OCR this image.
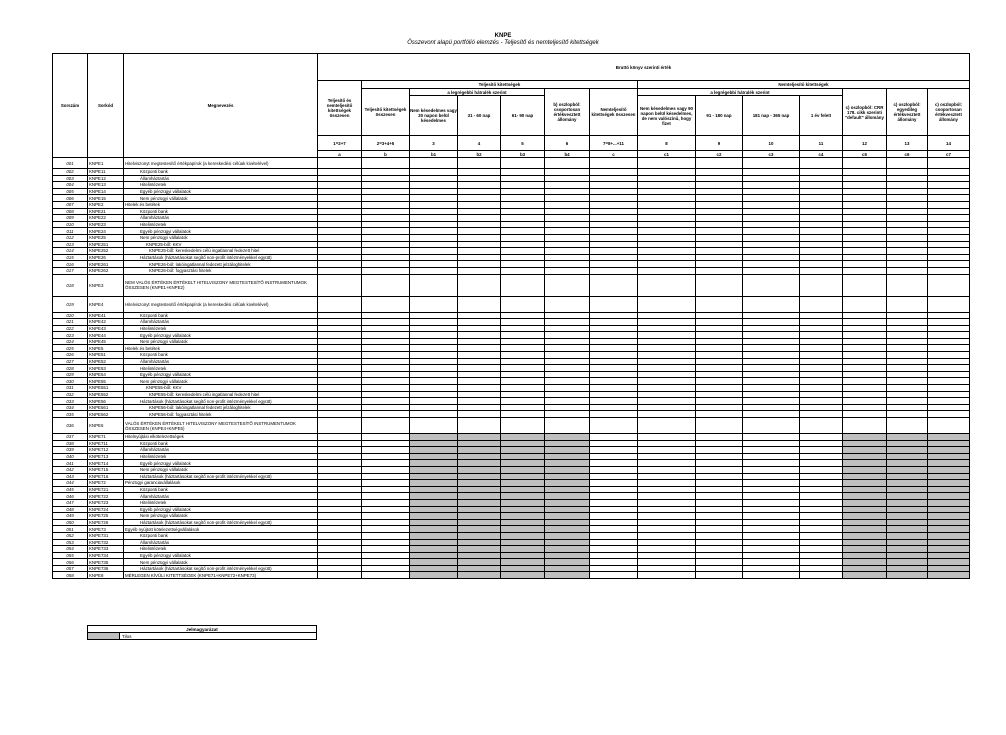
KNPE
Összevont alapú portfólió elemzés - Teljesítő és nemteljesítő kitettségek
Sorszám	Sorkód	Megnevezés	Bruttó könyv szerinti érték													
			Teljesítő és nemteljesítő kitettségek összesen	Teljesítő kitettségek						Nemteljesítő kitettségek						
				Teljesítő kitettségek összesen	a legrégebbi hátralék szerint			b) oszlopból: csoportosan értékvesztett állomány	Nemteljesítő kitettségek összesen	a legrégebbi hátralék szerint				c) oszlopból: CRR 178. cikk szerinti "default" állomány	c) oszlopból: egyedileg értékvesztett állomány	c) oszlopból: csoportosan értékvesztett állomány
					Nem késedelmes vagy 30 napon belül késedelmes	31 - 60 nap	61- 90 nap			Nem késedelmes vagy 90 napon belül késedelmes, de nem valószínű, hogy fizet	91 - 180 nap	181 nap - 365 nap	1 év felett			
			1=2+7	2=3+4+5	3	4	5	6	7=8+...+11	8	9	10	11	12	13	14
			a	b	b1	b2	b3	b4	c	c1	c2	c3	c4	c5	c6	c7
001	KNPE1	Hitelviszonyt megtestesítő értékpapírok (a kereskedési célúak kivételével)														
002	KNPE11	Központi bank														
003	KNPE12	Államháztartás														
004	KNPE13	Hitelintézetek														
005	KNPE14	Egyéb pénzügyi vállalatok														
006	KNPE15	Nem pénzügyi vállalatok														
007	KNPE2	Hitelek és betétek														
008	KNPE21	Központi bank														
009	KNPE22	Államháztartás														
010	KNPE23	Hitelintézetek														
011	KNPE24	Egyéb pénzügyi vállalatok														
012	KNPE25	Nem pénzügyi vállalatok														
013	KNPE251	KNPE25-ből: KKV														
014	KNPE252	KNPE25-ből: kereskedelmi célú ingatlannal fedezett hitel														
015	KNPE26	Háztartások (háztartásokat segítő non-profit intézményekkel együtt)														
016	KNPE261	KNPE26-ból: lakóingatlannal fedezett jelzáloghitelek														
017	KNPE262	KNPE26-ból: fogyasztási hitelek														
018	KNPE3	NEM VALÓS ÉRTÉKEN ÉRTÉKELT HITELVISZONY MEGTESTESÍTŐ INSTRUMENTUMOK ÖSSZESEN (KNPE1+KNPE2)														
019	KNPE4	Hitelviszonyt megtestesítő értékpapírok (a kereskedési célúak kivételével)														
020	KNPE41	Központi bank														
021	KNPE42	Államháztartás														
022	KNPE43	Hitelintézetek														
023	KNPE44	Egyéb pénzügyi vállalatok														
024	KNPE45	Nem pénzügyi vállalatok														
025	KNPE5	Hitelek és betétek														
026	KNPE51	Központi bank														
027	KNPE52	Államháztartás														
028	KNPE53	Hitelintézetek														
029	KNPE54	Egyéb pénzügyi vállalatok														
030	KNPE55	Nem pénzügyi vállalatok														
031	KNPE551	KNPE55-ből: KKV														
032	KNPE552	KNPE55-ből: kereskedelmi célú ingatlannal fedezett hitel														
033	KNPE56	Háztartások (háztartásokat segítő non-profit intézményekkel együtt)														
034	KNPE561	KNPE56-ból: lakóingatlannal fedezett jelzáloghitelek														
035	KNPE562	KNPE56-ból: fogyasztási hitelek														
036	KNPE6	VALÓS ÉRTÉKEN ÉRTÉKELT HITELVISZONY MEGTESTESÍTŐ INSTRUMENTUMOK ÖSSZESEN (KNPE4+KNPE5)														
037	KNPE71	Hitelnyújtási elkötelezettségek														
038	KNPE711	Központi bank														
039	KNPE712	Államháztartás														
040	KNPE713	Hitelintézetek														
041	KNPE714	Egyéb pénzügyi vállalatok														
042	KNPE715	Nem pénzügyi vállalatok														
043	KNPE716	Háztartások (háztartásokat segítő non-profit intézményekkel együtt)														
044	KNPE72	Pénzügyi garanciavállalások														
045	KNPE721	Központi bank														
046	KNPE722	Államháztartás														
047	KNPE723	Hitelintézetek														
048	KNPE724	Egyéb pénzügyi vállalatok														
049	KNPE725	Nem pénzügyi vállalatok														
050	KNPE726	Háztartások (háztartásokat segítő non-profit intézményekkel együtt)														
051	KNPE73	Egyéb nyújtott kötelezettségvállalások														
052	KNPE731	Központi bank														
053	KNPE732	Államháztartás														
054	KNPE733	Hitelintézetek														
055	KNPE734	Egyéb pénzügyi vállalatok														
056	KNPE735	Nem pénzügyi vállalatok														
057	KNPE736	Háztartások (háztartásokat segítő non-profit intézményekkel együtt)														
058	KNPE8	MÉRLEGEN KÍVÜLI KITETTSÉGEK (KNPE71+KNPE72+KNPE73)														
Jelmagyarázat
	Tilos
